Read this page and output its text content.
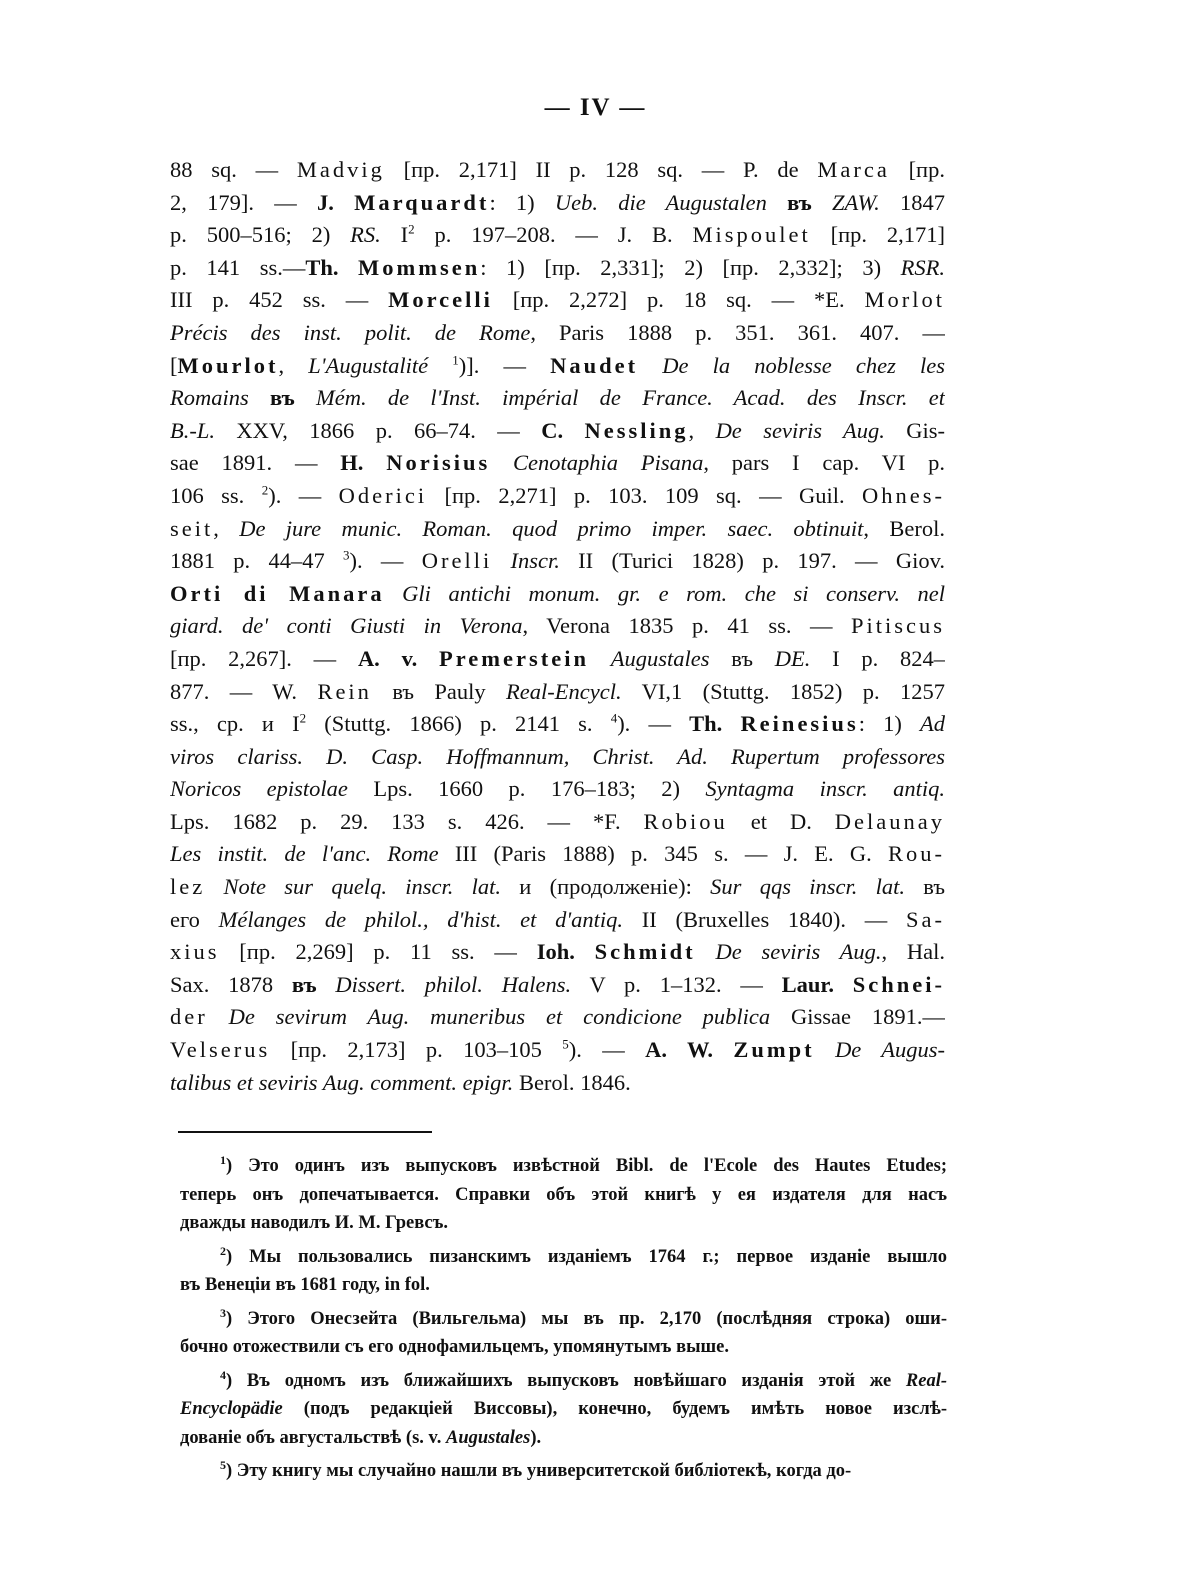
— IV —
88 sq. — Madvig [пр. 2,171] II p. 128 sq. — P. de Marca [пр.
2, 179]. — J. Marquardt: 1) Ueb. die Augustalen въ ZAW. 1847
p. 500–516; 2) RS. $I^2$ p. 197–208. — J. B. Mispoulet [пр. 2,171]
p. 141 ss.—Th. Mommsen: 1) [пр. 2,331]; 2) [пр. 2,332]; 3) RSR.
III p. 452 ss. — Morcelli [пр. 2,272] p. 18 sq. — *E. Morlot
Précis des inst. polit. de Rome, Paris 1888 p. 351. 361. 407. —
[Mourlot, L'Augustalité $^1$)]. — Naudet De la noblesse chez les
Romains въ Mém. de l'Inst. impérial de France. Acad. des Inscr. et
B.-L. XXV, 1866 p. 66–74. — C. Nessling, De seviris Aug. Gis-
sae 1891. — H. Norisius Cenotaphia Pisana, pars I cap. VI p.
106 ss. $^2$). — Oderici [пр. 2,271] p. 103. 109 sq. — Guil. Ohnes-
seit, De jure munic. Roman. quod primo imper. saec. obtinuit, Berol.
1881 p. 44–47 $^3$). — Orelli Inscr. II (Turici 1828) p. 197. — Giov.
Orti di Manara Gli antichi monum. gr. e rom. che si conserv. nel
giard. de' conti Giusti in Verona, Verona 1835 p. 41 ss. — Pitiscus
[пр. 2,267]. — A. v. Premerstein Augustales въ DE. I p. 824–
877. — W. Rein въ Pauly Real-Encycl. VI,1 (Stuttg. 1852) p. 1257
ss., ср. и $I^2$ (Stuttg. 1866) p. 2141 s. $^4$). — Th. Reinesius: 1) Ad
viros clariss. D. Casp. Hoffmannum, Christ. Ad. Rupertum professores
Noricos epistolae Lps. 1660 p. 176–183; 2) Syntagma inscr. antiq.
Lps. 1682 p. 29. 133 s. 426. — *F. Robiou et D. Delaunay
Les instit. de l'anc. Rome III (Paris 1888) p. 345 s. — J. E. G. Rou-
lez Note sur quelq. inscr. lat. и (продолженіе): Sur qqs inscr. lat. въ
его Mélanges de philol., d'hist. et d'antiq. II (Bruxelles 1840). — Sa-
xius [пр. 2,269] p. 11 ss. — Ioh. Schmidt De seviris Aug., Hal.
Sax. 1878 въ Dissert. philol. Halens. V p. 1–132. — Laur. Schnei-
der De sevirum Aug. muneribus et condicione publica Gissae 1891.—
Velserus [пр. 2,173] p. 103–105 $^5$). — A. W. Zumpt De Augus-
talibus et seviris Aug. comment. epigr. Berol. 1846.
$^1$) Это одинъ изъ выпусковъ извѣстной Bibl. de l'Ecole des Hautes Etudes;
теперь онъ допечатывается. Справки объ этой книгѣ у ея издателя для насъ
дважды наводилъ И. М. Гревсъ.
$^2$) Мы пользовались пизанскимъ изданіемъ 1764 г.; первое изданіе вышло
въ Венеціи въ 1681 году, in fol.
$^3$) Этого Онесзейта (Вильгельма) мы въ пр. 2,170 (послѣдняя строка) оши-
бочно отожествили съ его однофамильцемъ, упомянутымъ выше.
$^4$) Въ одномъ изъ ближайшихъ выпусковъ новѣйшаго изданія этой же Real-
Encyclopädie (подъ редакціей Виссовы), конечно, будемъ имѣть новое изслѣ-
дованіе объ августальствѣ (s. v. Augustales).
$^5$) Эту книгу мы случайно нашли въ университетской библіотекѣ, когда до-
